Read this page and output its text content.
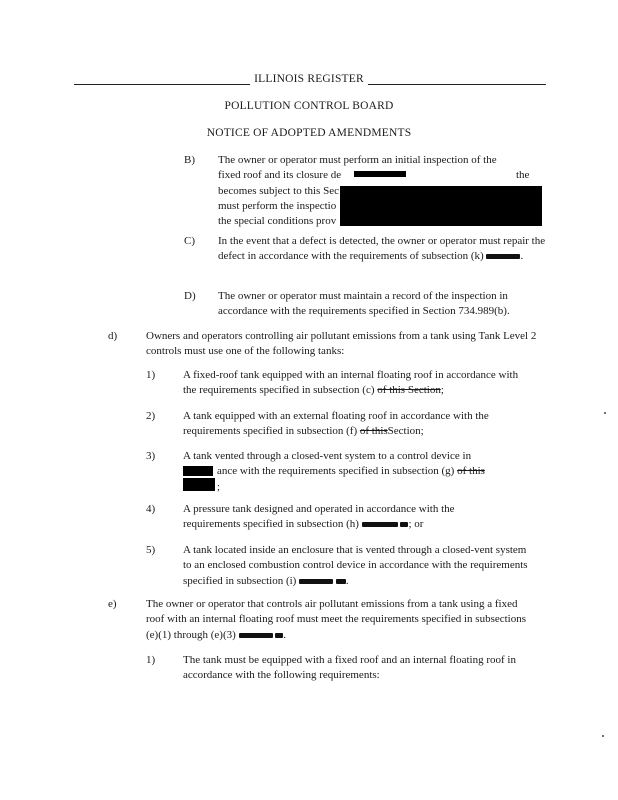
ILLINOIS REGISTER
POLLUTION CONTROL BOARD
NOTICE OF ADOPTED AMENDMENTS
B) The owner or operator must perform an initial inspection of the
fixed roof and its closure de	the
becomes subject to this Sec
must perform the inspectio
the special conditions prov
C) In the event that a defect is detected, the owner or operator must repair the defect in accordance with the requirements of subsection (k)	.
D) The owner or operator must maintain a record of the inspection in accordance with the requirements specified in Section 734.989(b).
d)	Owners and operators controlling air pollutant emissions from a tank using Tank Level 2 controls must use one of the following tanks:
1)	A fixed-roof tank equipped with an internal floating roof in accordance with the requirements specified in subsection (c) of this Section;
2)	A tank equipped with an external floating roof in accordance with the requirements specified in subsection (f) of thisSection;
3)	A tank vented through a closed-vent system to a control device in
ance with the requirements specified in subsection (g) of this
;
4)	A pressure tank designed and operated in accordance with the
requirements specified in subsection (h)	; or
5)	A tank located inside an enclosure that is vented through a closed-vent system to an enclosed combustion control device in accordance with the requirements specified in subsection (i)	.
e)	The owner or operator that controls air pollutant emissions from a tank using a fixed roof with an internal floating roof must meet the requirements specified in subsections (e)(1) through (e)(3)	.
1)	The tank must be equipped with a fixed roof and an internal floating roof in accordance with the following requirements:
